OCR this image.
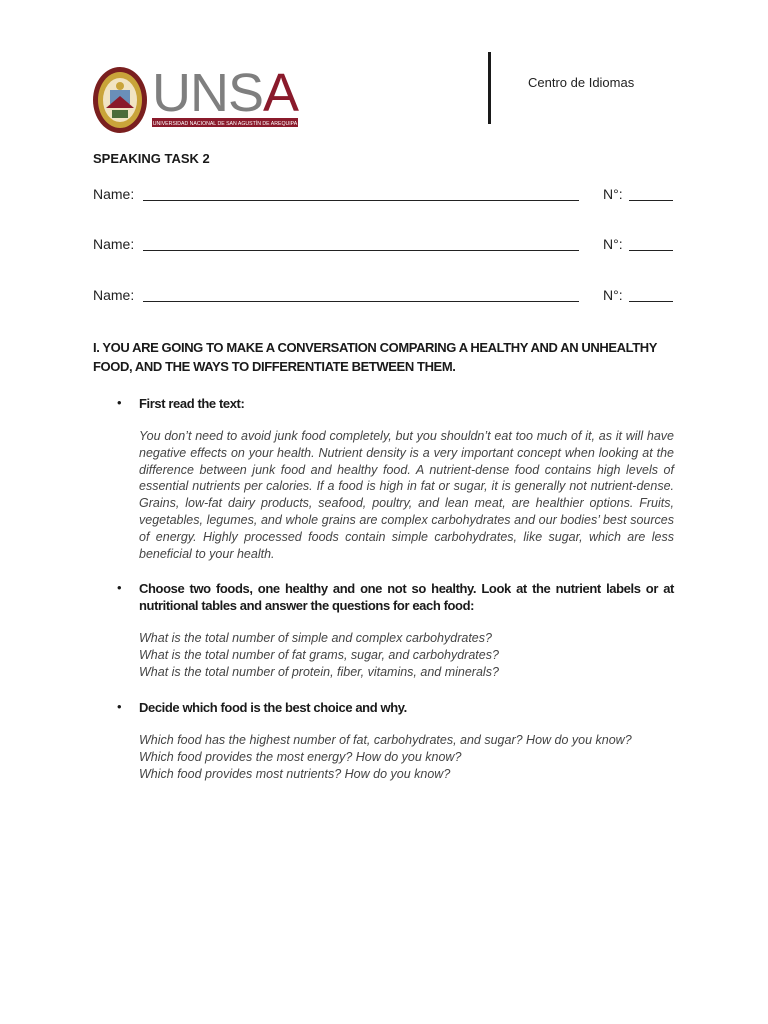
UNSA
UNIVERSIDAD NACIONAL DE SAN AGUSTÍN DE AREQUIPA
Centro de Idiomas
SPEAKING TASK 2
Name:	N°:
Name:	N°:
Name:	N°:
I. YOU ARE GOING TO MAKE A CONVERSATION COMPARING A HEALTHY AND AN UNHEALTHY FOOD, AND THE WAYS TO DIFFERENTIATE BETWEEN THEM.
• First read the text:
You don’t need to avoid junk food completely, but you shouldn’t eat too much of it, as it will have negative effects on your health. Nutrient density is a very important concept when looking at the difference between junk food and healthy food. A nutrient-dense food contains high levels of essential nutrients per calories. If a food is high in fat or sugar, it is generally not nutrient-dense. Grains, low-fat dairy products, seafood, poultry, and lean meat, are healthier options. Fruits, vegetables, legumes, and whole grains are complex carbohydrates and our bodies’ best sources of energy. Highly processed foods contain simple carbohydrates, like sugar, which are less beneficial to your health.
• Choose two foods, one healthy and one not so healthy. Look at the nutrient labels or at nutritional tables and answer the questions for each food:
What is the total number of simple and complex carbohydrates?
What is the total number of fat grams, sugar, and carbohydrates?
What is the total number of protein, fiber, vitamins, and minerals?
• Decide which food is the best choice and why.
Which food has the highest number of fat, carbohydrates, and sugar? How do you know?
Which food provides the most energy? How do you know?
Which food provides most nutrients? How do you know?
